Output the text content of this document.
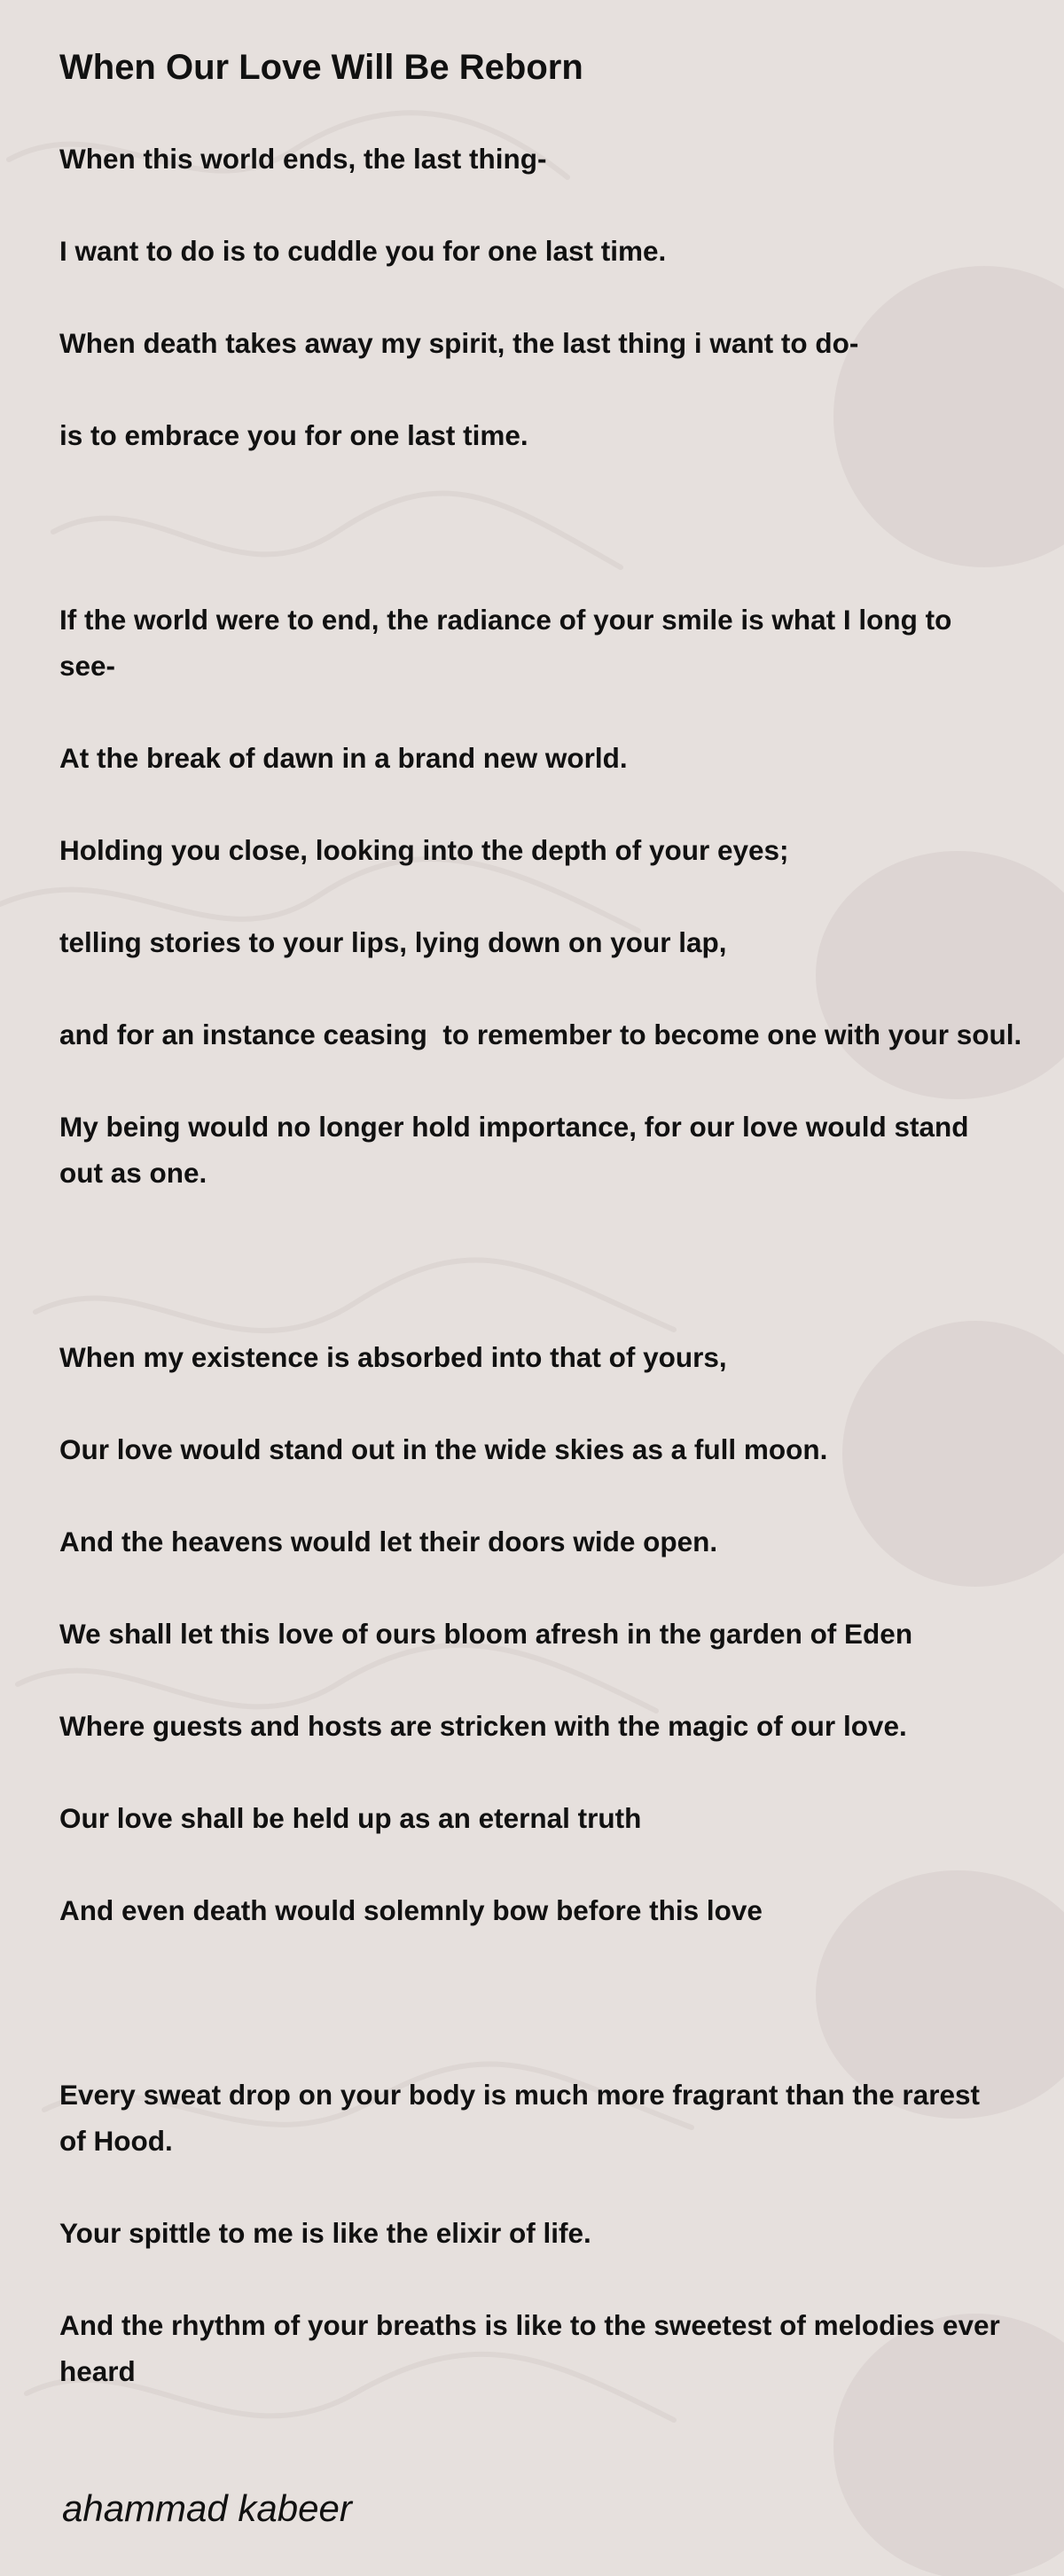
When Our Love Will Be Reborn

When this world ends, the last thing-

I want to do is to cuddle you for one last time.

When death takes away my spirit, the last thing i want to do-

is to embrace you for one last time.

If the world were to end, the radiance of your smile is what I long to see-

At the break of dawn in a brand new world.

Holding you close, looking into the depth of your eyes;

telling stories to your lips, lying down on your lap,

and for an instance ceasing  to remember to become one with your soul.

My being would no longer hold importance, for our love would stand out as one.

When my existence is absorbed into that of yours,

Our love would stand out in the wide skies as a full moon.

And the heavens would let their doors wide open.

We shall let this love of ours bloom afresh in the garden of Eden

Where guests and hosts are stricken with the magic of our love.

Our love shall be held up as an eternal truth

And even death would solemnly bow before this love

Every sweat drop on your body is much more fragrant than the rarest of Hood.

Your spittle to me is like the elixir of life.

And the rhythm of your breaths is like to the sweetest of melodies ever heard

ahammad kabeer
